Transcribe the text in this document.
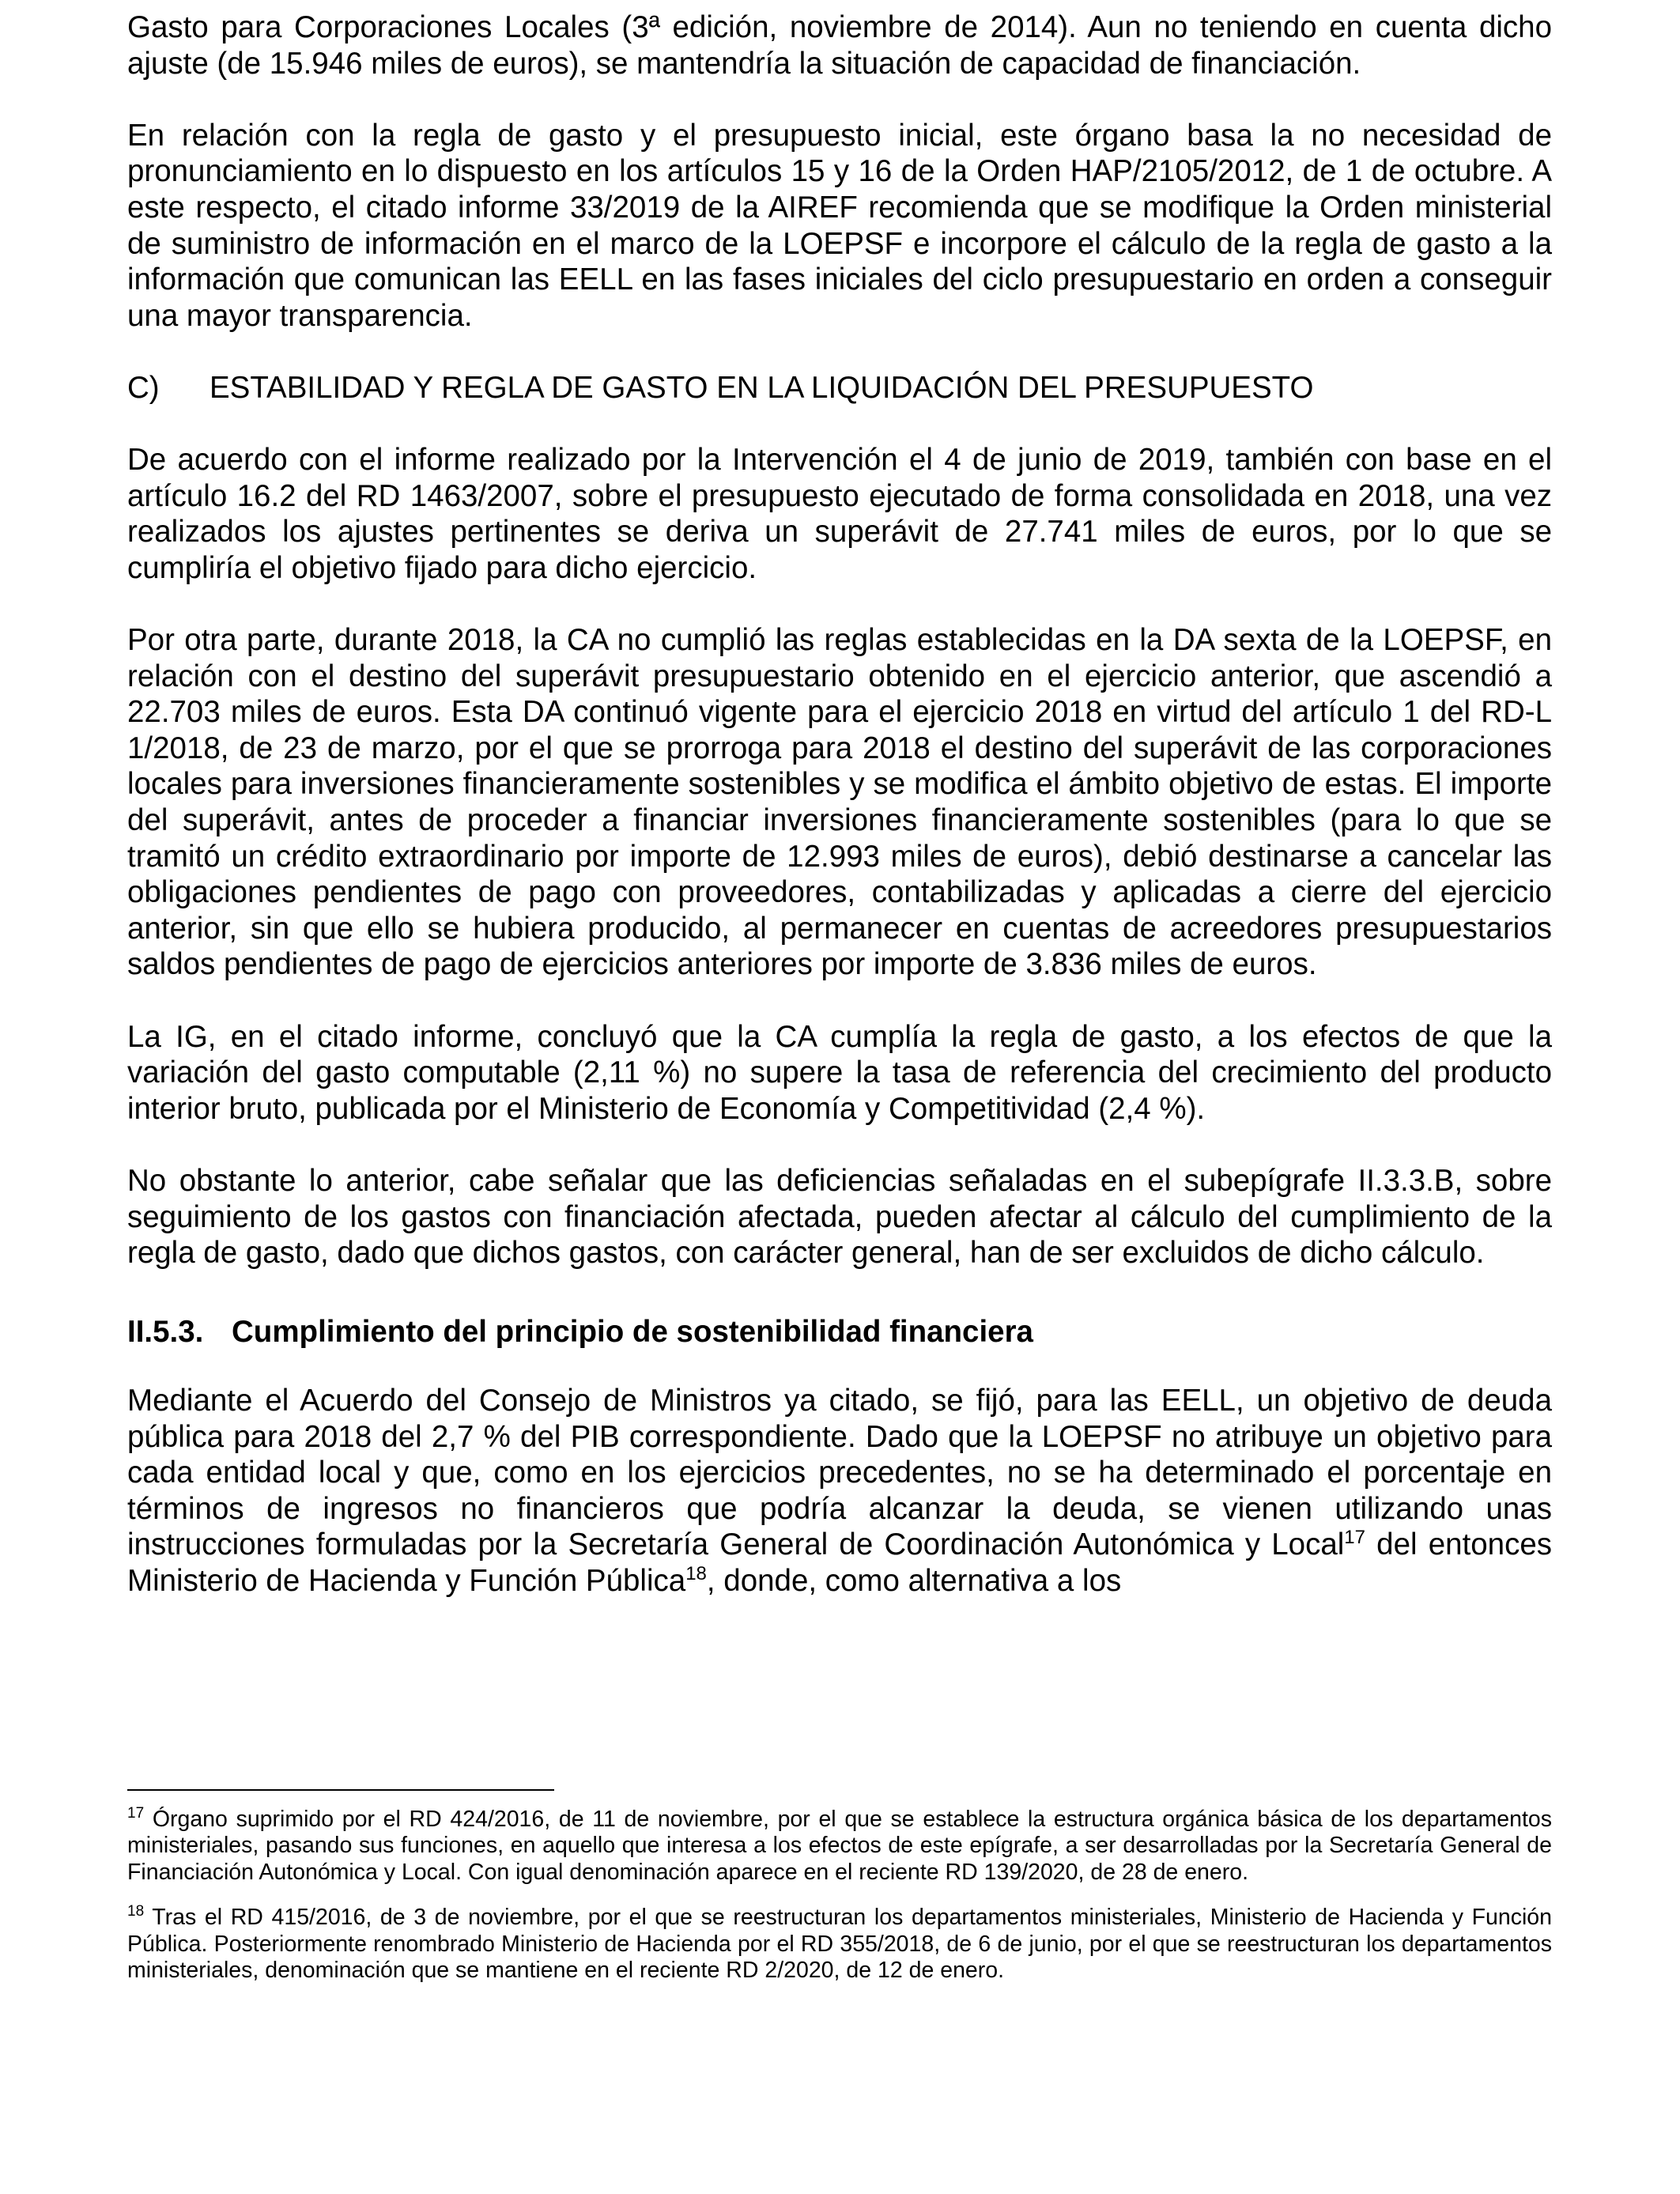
Gasto para Corporaciones Locales (3ª edición, noviembre de 2014). Aun no teniendo en cuenta dicho ajuste (de 15.946 miles de euros), se mantendría la situación de capacidad de financiación.

En relación con la regla de gasto y el presupuesto inicial, este órgano basa la no necesidad de pronunciamiento en lo dispuesto en los artículos 15 y 16 de la Orden HAP/2105/2012, de 1 de octubre. A este respecto, el citado informe 33/2019 de la AIREF recomienda que se modifique la Orden ministerial de suministro de información en el marco de la LOEPSF e incorpore el cálculo de la regla de gasto a la información que comunican las EELL en las fases iniciales del ciclo presupuestario en orden a conseguir una mayor transparencia.

C) ESTABILIDAD Y REGLA DE GASTO EN LA LIQUIDACIÓN DEL PRESUPUESTO

De acuerdo con el informe realizado por la Intervención el 4 de junio de 2019, también con base en el artículo 16.2 del RD 1463/2007, sobre el presupuesto ejecutado de forma consolidada en 2018, una vez realizados los ajustes pertinentes se deriva un superávit de 27.741 miles de euros, por lo que se cumpliría el objetivo fijado para dicho ejercicio.

Por otra parte, durante 2018, la CA no cumplió las reglas establecidas en la DA sexta de la LOEPSF, en relación con el destino del superávit presupuestario obtenido en el ejercicio anterior, que ascendió a 22.703 miles de euros. Esta DA continuó vigente para el ejercicio 2018 en virtud del artículo 1 del RD-L 1/2018, de 23 de marzo, por el que se prorroga para 2018 el destino del superávit de las corporaciones locales para inversiones financieramente sostenibles y se modifica el ámbito objetivo de estas. El importe del superávit, antes de proceder a financiar inversiones financieramente sostenibles (para lo que se tramitó un crédito extraordinario por importe de 12.993 miles de euros), debió destinarse a cancelar las obligaciones pendientes de pago con proveedores, contabilizadas y aplicadas a cierre del ejercicio anterior, sin que ello se hubiera producido, al permanecer en cuentas de acreedores presupuestarios saldos pendientes de pago de ejercicios anteriores por importe de 3.836 miles de euros.

La IG, en el citado informe, concluyó que la CA cumplía la regla de gasto, a los efectos de que la variación del gasto computable (2,11 %) no supere la tasa de referencia del crecimiento del producto interior bruto, publicada por el Ministerio de Economía y Competitividad (2,4 %).

No obstante lo anterior, cabe señalar que las deficiencias señaladas en el subepígrafe II.3.3.B, sobre seguimiento de los gastos con financiación afectada, pueden afectar al cálculo del cumplimiento de la regla de gasto, dado que dichos gastos, con carácter general, han de ser excluidos de dicho cálculo.

II.5.3. Cumplimiento del principio de sostenibilidad financiera

Mediante el Acuerdo del Consejo de Ministros ya citado, se fijó, para las EELL, un objetivo de deuda pública para 2018 del 2,7 % del PIB correspondiente. Dado que la LOEPSF no atribuye un objetivo para cada entidad local y que, como en los ejercicios precedentes, no se ha determinado el porcentaje en términos de ingresos no financieros que podría alcanzar la deuda, se vienen utilizando unas instrucciones formuladas por la Secretaría General de Coordinación Autonómica y Local$^{17}$ del entonces Ministerio de Hacienda y Función Pública$^{18}$, donde, como alternativa a los

$^{17}$ Órgano suprimido por el RD 424/2016, de 11 de noviembre, por el que se establece la estructura orgánica básica de los departamentos ministeriales, pasando sus funciones, en aquello que interesa a los efectos de este epígrafe, a ser desarrolladas por la Secretaría General de Financiación Autonómica y Local. Con igual denominación aparece en el reciente RD 139/2020, de 28 de enero.

$^{18}$ Tras el RD 415/2016, de 3 de noviembre, por el que se reestructuran los departamentos ministeriales, Ministerio de Hacienda y Función Pública. Posteriormente renombrado Ministerio de Hacienda por el RD 355/2018, de 6 de junio, por el que se reestructuran los departamentos ministeriales, denominación que se mantiene en el reciente RD 2/2020, de 12 de enero.
